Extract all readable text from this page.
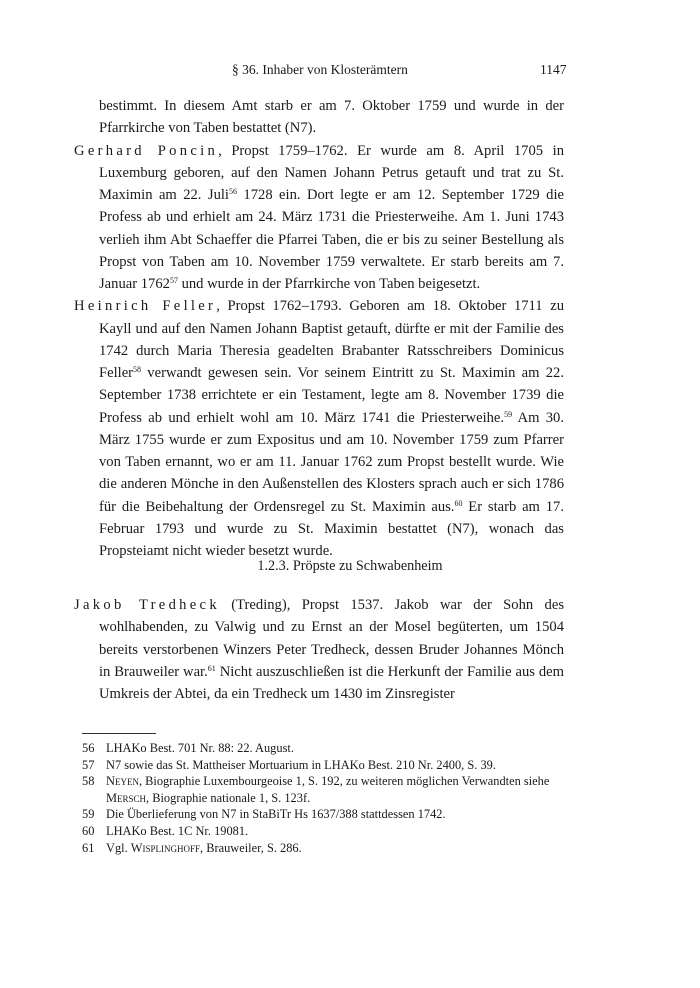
§ 36. Inhaber von Klosterämtern	1147

bestimmt. In diesem Amt starb er am 7. Oktober 1759 und wurde in der Pfarrkirche von Taben bestattet (N7).

Gerhard Poncin, Propst 1759–1762. Er wurde am 8. April 1705 in Luxemburg geboren, auf den Namen Johann Petrus getauft und trat zu St. Maximin am 22. Juli$^{56}$ 1728 ein. Dort legte er am 12. September 1729 die Profess ab und erhielt am 24. März 1731 die Priesterweihe. Am 1. Juni 1743 verlieh ihm Abt Schaeffer die Pfarrei Taben, die er bis zu seiner Bestellung als Propst von Taben am 10. November 1759 verwaltete. Er starb bereits am 7. Januar 1762$^{57}$ und wurde in der Pfarrkirche von Taben beigesetzt.

Heinrich Feller, Propst 1762–1793. Geboren am 18. Oktober 1711 zu Kayll und auf den Namen Johann Baptist getauft, dürfte er mit der Familie des 1742 durch Maria Theresia geadelten Brabanter Ratsschreibers Dominicus Feller$^{58}$ verwandt gewesen sein. Vor seinem Eintritt zu St. Maximin am 22. September 1738 errichtete er ein Testament, legte am 8. November 1739 die Profess ab und erhielt wohl am 10. März 1741 die Priesterweihe.$^{59}$ Am 30. März 1755 wurde er zum Expositus und am 10. November 1759 zum Pfarrer von Taben ernannt, wo er am 11. Januar 1762 zum Propst bestellt wurde. Wie die anderen Mönche in den Außenstellen des Klosters sprach auch er sich 1786 für die Beibehaltung der Ordensregel zu St. Maximin aus.$^{60}$ Er starb am 17. Februar 1793 und wurde zu St. Maximin bestattet (N7), wonach das Propsteiamt nicht wieder besetzt wurde.

1.2.3. Pröpste zu Schwabenheim

Jakob Tredheck (Treding), Propst 1537. Jakob war der Sohn des wohlhabenden, zu Valwig und zu Ernst an der Mosel begüterten, um 1504 bereits verstorbenen Winzers Peter Tredheck, dessen Bruder Johannes Mönch in Brauweiler war.$^{61}$ Nicht auszuschließen ist die Herkunft der Familie aus dem Umkreis der Abtei, da ein Tredheck um 1430 im Zinsregister

56 LHAKo Best. 701 Nr. 88: 22. August.
57 N7 sowie das St. Mattheiser Mortuarium in LHAKo Best. 210 Nr. 2400, S. 39.
58 Neyen, Biographie Luxembourgeoise 1, S. 192, zu weiteren möglichen Verwandten siehe Mersch, Biographie nationale 1, S. 123f.
59 Die Überlieferung von N7 in StaBiTr Hs 1637/388 stattdessen 1742.
60 LHAKo Best. 1C Nr. 19081.
61 Vgl. Wisplinghoff, Brauweiler, S. 286.
